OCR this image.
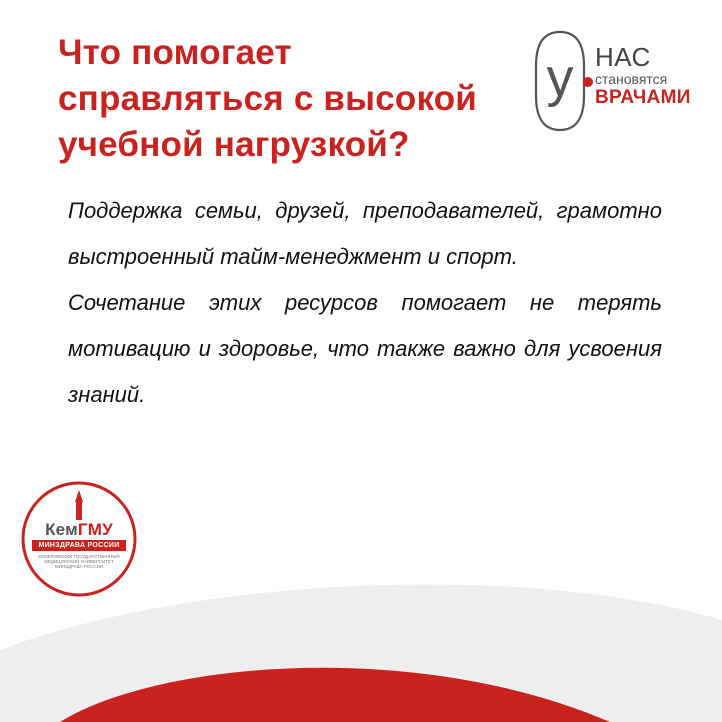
Что помогает
справляться с высокой
учебной нагрузкой?
у НАС
становятся
ВРАЧАМИ

Поддержка семьи, друзей, преподавателей, грамотно выстроенный тайм-менеджмент и спорт.

Сочетание этих ресурсов помогает не терять мотивацию и здоровье, что также важно для усвоения знаний.

КемГМУ
МИНЗДРАВА РОССИИ
КЕМЕРОВСКИЙ ГОСУДАРСТВЕННЫЙ МЕДИЦИНСКИЙ УНИВЕРСИТЕТ МИНЗДРАВА РОССИИ
